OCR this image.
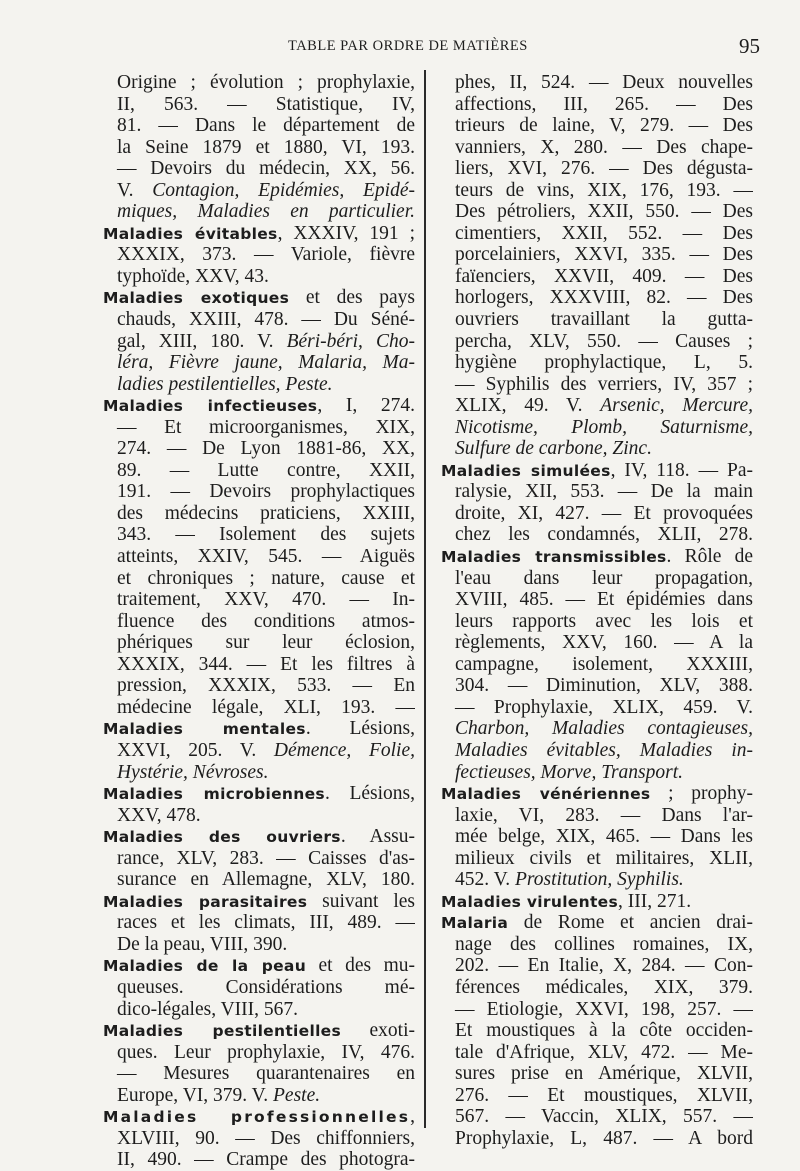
TABLE PAR ORDRE DE MATIÈRES	95
Origine ; évolution ; prophylaxie,
II, 563. — Statistique, IV,
81. — Dans le département de
la Seine 1879 et 1880, VI, 193.
— Devoirs du médecin, XX, 56.
V. Contagion, Epidémies, Epidé-
miques, Maladies en particulier.
Maladies évitables, XXXIV, 191 ;
XXXIX, 373. — Variole, fièvre
typhoïde, XXV, 43.
Maladies exotiques et des pays
chauds, XXIII, 478. — Du Séné-
gal, XIII, 180. V. Béri-béri, Cho-
léra, Fièvre jaune, Malaria, Ma-
ladies pestilentielles, Peste.
Maladies infectieuses, I, 274.
— Et microorganismes, XIX,
274. — De Lyon 1881-86, XX,
89. — Lutte contre, XXII,
191. — Devoirs prophylactiques
des médecins praticiens, XXIII,
343. — Isolement des sujets
atteints, XXIV, 545. — Aiguës
et chroniques ; nature, cause et
traitement, XXV, 470. — In-
fluence des conditions atmos-
phériques sur leur éclosion,
XXXIX, 344. — Et les filtres à
pression, XXXIX, 533. — En
médecine légale, XLI, 193. —
Maladies mentales. Lésions,
XXVI, 205. V. Démence, Folie,
Hystérie, Névroses.
Maladies microbiennes. Lésions,
XXV, 478.
Maladies des ouvriers. Assu-
rance, XLV, 283. — Caisses d'as-
surance en Allemagne, XLV, 180.
Maladies parasitaires suivant les
races et les climats, III, 489. —
De la peau, VIII, 390.
Maladies de la peau et des mu-
queuses. Considérations mé-
dico-légales, VIII, 567.
Maladies pestilentielles exoti-
ques. Leur prophylaxie, IV, 476.
— Mesures quarantenaires en
Europe, VI, 379. V. Peste.
Maladies professionnelles,
XLVIII, 90. — Des chiffonniers,
II, 490. — Crampe des photogra-
phes, II, 524. — Deux nouvelles
affections, III, 265. — Des
trieurs de laine, V, 279. — Des
vanniers, X, 280. — Des chape-
liers, XVI, 276. — Des dégusta-
teurs de vins, XIX, 176, 193. —
Des pétroliers, XXII, 550. — Des
cimentiers, XXII, 552. — Des
porcelainiers, XXVI, 335. — Des
faïenciers, XXVII, 409. — Des
horlogers, XXXVIII, 82. — Des
ouvriers travaillant la gutta-
percha, XLV, 550. — Causes ;
hygiène prophylactique, L, 5.
— Syphilis des verriers, IV, 357 ;
XLIX, 49. V. Arsenic, Mercure,
Nicotisme, Plomb, Saturnisme,
Sulfure de carbone, Zinc.
Maladies simulées, IV, 118. — Pa-
ralysie, XII, 553. — De la main
droite, XI, 427. — Et provoquées
chez les condamnés, XLII, 278.
Maladies transmissibles. Rôle de
l'eau dans leur propagation,
XVIII, 485. — Et épidémies dans
leurs rapports avec les lois et
règlements, XXV, 160. — A la
campagne, isolement, XXXIII,
304. — Diminution, XLV, 388.
— Prophylaxie, XLIX, 459. V.
Charbon, Maladies contagieuses,
Maladies évitables, Maladies in-
fectieuses, Morve, Transport.
Maladies vénériennes ; prophy-
laxie, VI, 283. — Dans l'ar-
mée belge, XIX, 465. — Dans les
milieux civils et militaires, XLII,
452. V. Prostitution, Syphilis.
Maladies virulentes, III, 271.
Malaria de Rome et ancien drai-
nage des collines romaines, IX,
202. — En Italie, X, 284. — Con-
férences médicales, XIX, 379.
— Etiologie, XXVI, 198, 257. —
Et moustiques à la côte occiden-
tale d'Afrique, XLV, 472. — Me-
sures prise en Amérique, XLVII,
276. — Et moustiques, XLVII,
567. — Vaccin, XLIX, 557. —
Prophylaxie, L, 487. — A bord
